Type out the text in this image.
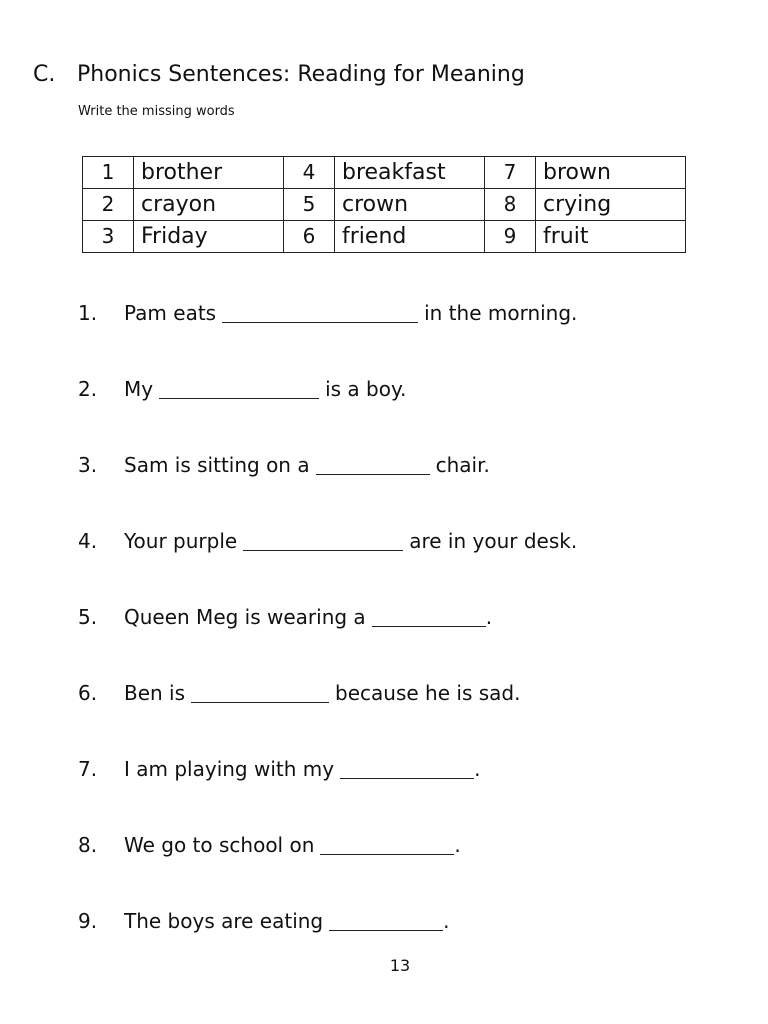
C. Phonics Sentences: Reading for Meaning
Write the missing words
1	brother	4	breakfast	7	brown
2	crayon	5	crown	8	crying
3	Friday	6	friend	9	fruit
1.	Pam eats	in the morning.
2.	My	is a boy.
3.	Sam is sitting on a	chair.
4.	Your purple	are in your desk.
5.	Queen Meg is wearing a	.
6.	Ben is	because he is sad.
7.	I am playing with my	.
8.	We go to school on	.
9.	The boys are eating	.
13
